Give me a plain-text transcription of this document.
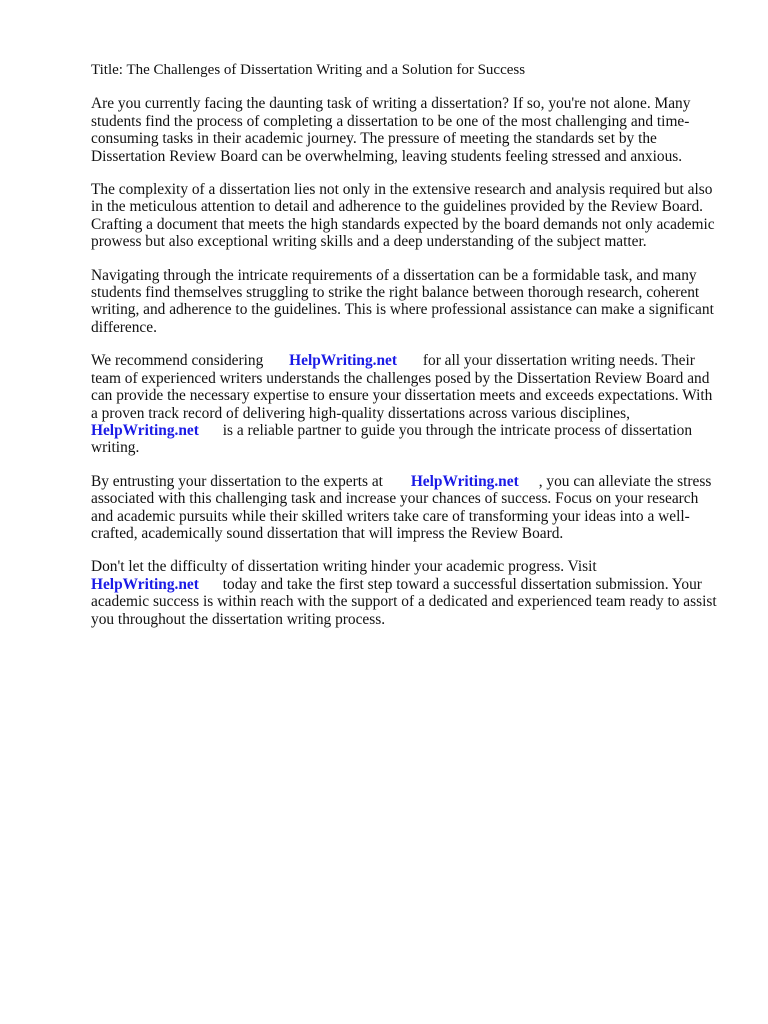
Title: The Challenges of Dissertation Writing and a Solution for Success

Are you currently facing the daunting task of writing a dissertation? If so, you're not alone. Many students find the process of completing a dissertation to be one of the most challenging and time-consuming tasks in their academic journey. The pressure of meeting the standards set by the Dissertation Review Board can be overwhelming, leaving students feeling stressed and anxious.

The complexity of a dissertation lies not only in the extensive research and analysis required but also in the meticulous attention to detail and adherence to the guidelines provided by the Review Board. Crafting a document that meets the high standards expected by the board demands not only academic prowess but also exceptional writing skills and a deep understanding of the subject matter.

Navigating through the intricate requirements of a dissertation can be a formidable task, and many students find themselves struggling to strike the right balance between thorough research, coherent writing, and adherence to the guidelines. This is where professional assistance can make a significant difference.

We recommend considering HelpWriting.net for all your dissertation writing needs. Their team of experienced writers understands the challenges posed by the Dissertation Review Board and can provide the necessary expertise to ensure your dissertation meets and exceeds expectations. With a proven track record of delivering high-quality dissertations across various disciplines, HelpWriting.net is a reliable partner to guide you through the intricate process of dissertation writing.

By entrusting your dissertation to the experts at HelpWriting.net , you can alleviate the stress associated with this challenging task and increase your chances of success. Focus on your research and academic pursuits while their skilled writers take care of transforming your ideas into a well-crafted, academically sound dissertation that will impress the Review Board.

Don't let the difficulty of dissertation writing hinder your academic progress. Visit HelpWriting.net today and take the first step toward a successful dissertation submission. Your academic success is within reach with the support of a dedicated and experienced team ready to assist you throughout the dissertation writing process.
